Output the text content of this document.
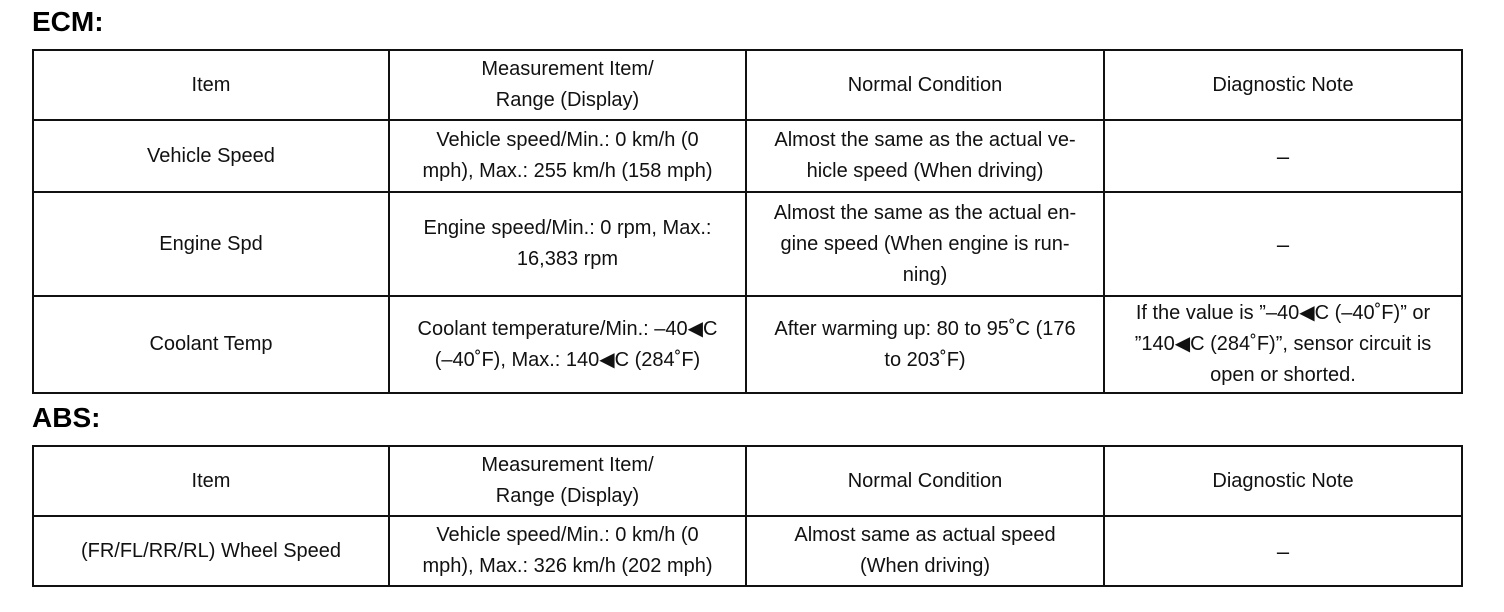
ECM:
Item	Measurement Item/
Range (Display)	Normal Condition	Diagnostic Note
Vehicle Speed	Vehicle speed/Min.: 0 km/h (0
mph), Max.: 255 km/h (158 mph)	Almost the same as the actual ve-
hicle speed (When driving)	–
Engine Spd	Engine speed/Min.: 0 rpm, Max.:
16,383 rpm	Almost the same as the actual en-
gine speed (When engine is run-
ning)	–
Coolant Temp	Coolant temperature/Min.: –40◀C
(–40˚F), Max.: 140◀C (284˚F)	After warming up: 80 to 95˚C (176
to 203˚F)	If the value is ”–40◀C (–40˚F)” or
”140◀C (284˚F)”, sensor circuit is
open or shorted.
ABS:
Item	Measurement Item/
Range (Display)	Normal Condition	Diagnostic Note
(FR/FL/RR/RL) Wheel Speed	Vehicle speed/Min.: 0 km/h (0
mph), Max.: 326 km/h (202 mph)	Almost same as actual speed
(When driving)	–
